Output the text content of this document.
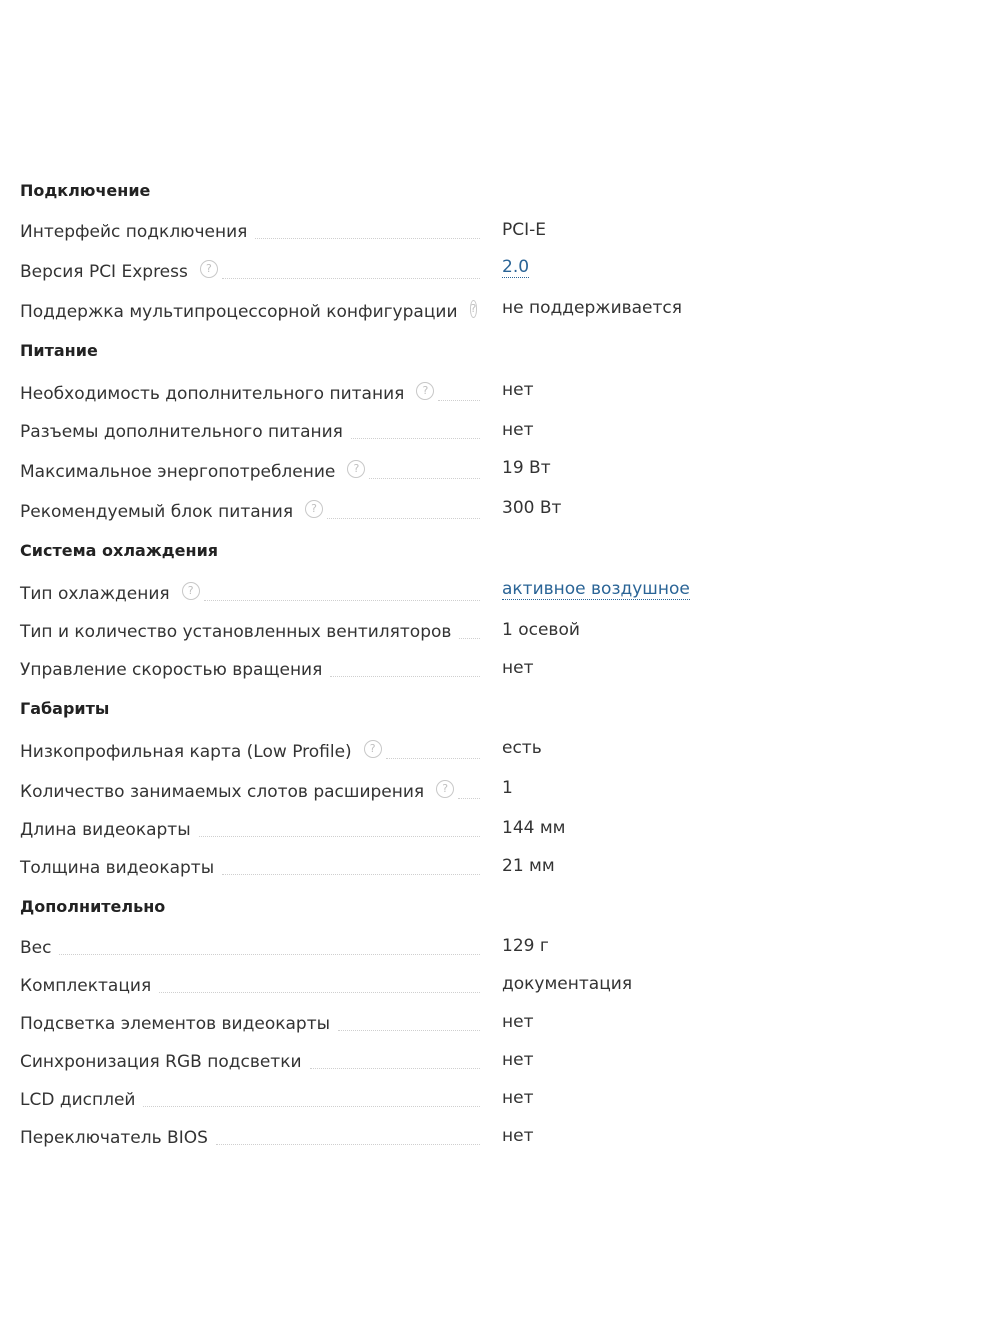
Подключение
Интерфейс подключения	PCI-E
Версия PCI Express	?	2.0
Поддержка мультипроцессорной конфигурации	? не поддерживается
Питание
Необходимость дополнительного питания	?	нет
Разъемы дополнительного питания	нет
Максимальное энергопотребление	?	19 Вт
Рекомендуемый блок питания	?	300 Вт
Система охлаждения
Тип охлаждения	?	активное воздушное
Тип и количество установленных вентиляторов	1 осевой
Управление скоростью вращения	нет
Габариты
Низкопрофильная карта (Low Profile)	?	есть
Количество занимаемых слотов расширения	?	1
Длина видеокарты	144 мм
Толщина видеокарты	21 мм
Дополнительно
Вес	129 г
Комплектация	документация
Подсветка элементов видеокарты	нет
Синхронизация RGB подсветки	нет
LCD дисплей	нет
Переключатель BIOS	нет
